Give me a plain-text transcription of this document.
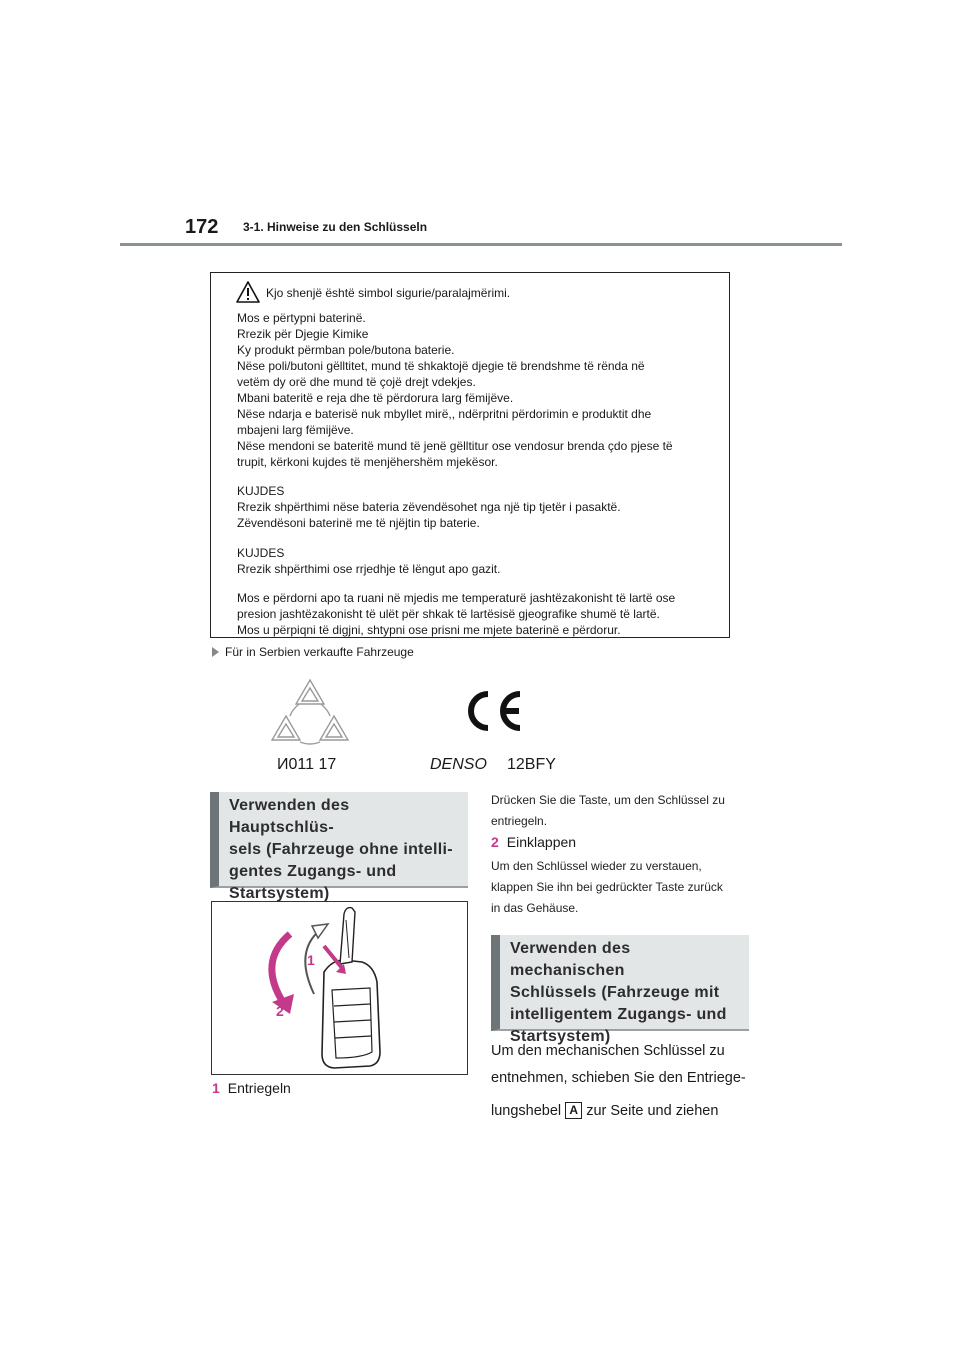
172 3-1. Hinweise zu den Schlüsseln
Kjo shenjë është simbol sigurie/paralajmërimi.
Mos e përtypni baterinë.
Rrezik për Djegie Kimike
Ky produkt përmban pole/butona baterie.
Nëse poli/butoni gëlltitet, mund të shkaktojë djegie të brendshme të rënda në
vetëm dy orë dhe mund të çojë drejt vdekjes.
Mbani bateritë e reja dhe të përdorura larg fëmijëve.
Nëse ndarja e baterisë nuk mbyllet mirë,, ndërpritni përdorimin e produktit dhe
mbajeni larg fëmijëve.
Nëse mendoni se bateritë mund të jenë gëlltitur ose vendosur brenda çdo pjese të
trupit, kërkoni kujdes të menjëhershëm mjekësor.
KUJDES
Rrezik shpërthimi nëse bateria zëvendësohet nga një tip tjetër i pasaktë.
Zëvendësoni baterinë me të njëjtin tip baterie.
KUJDES
Rrezik shpërthimi ose rrjedhje të lëngut apo gazit.
Mos e përdorni apo ta ruani në mjedis me temperaturë jashtëzakonisht të lartë ose
presion jashtëzakonisht të ulët për shkak të lartësisë gjeografike shumë të lartë.
Mos u përpiqni të digjni, shtypni ose prisni me mjete baterinë e përdorur.
Für in Serbien verkaufte Fahrzeuge
И011 17	DENSO 12BFY
Verwenden des Hauptschlüs-
sels (Fahrzeuge ohne intelli-
gentes Zugangs- und
Startsystem)
1
2
1 Entriegeln
Drücken Sie die Taste, um den Schlüssel zu
entriegeln.
2 Einklappen
Um den Schlüssel wieder zu verstauen,
klappen Sie ihn bei gedrückter Taste zurück
in das Gehäuse.
Verwenden des mechanischen
Schlüssels (Fahrzeuge mit
intelligentem Zugangs- und
Startsystem)
Um den mechanischen Schlüssel zu
entnehmen, schieben Sie den Entriege-
lungshebel A zur Seite und ziehen
